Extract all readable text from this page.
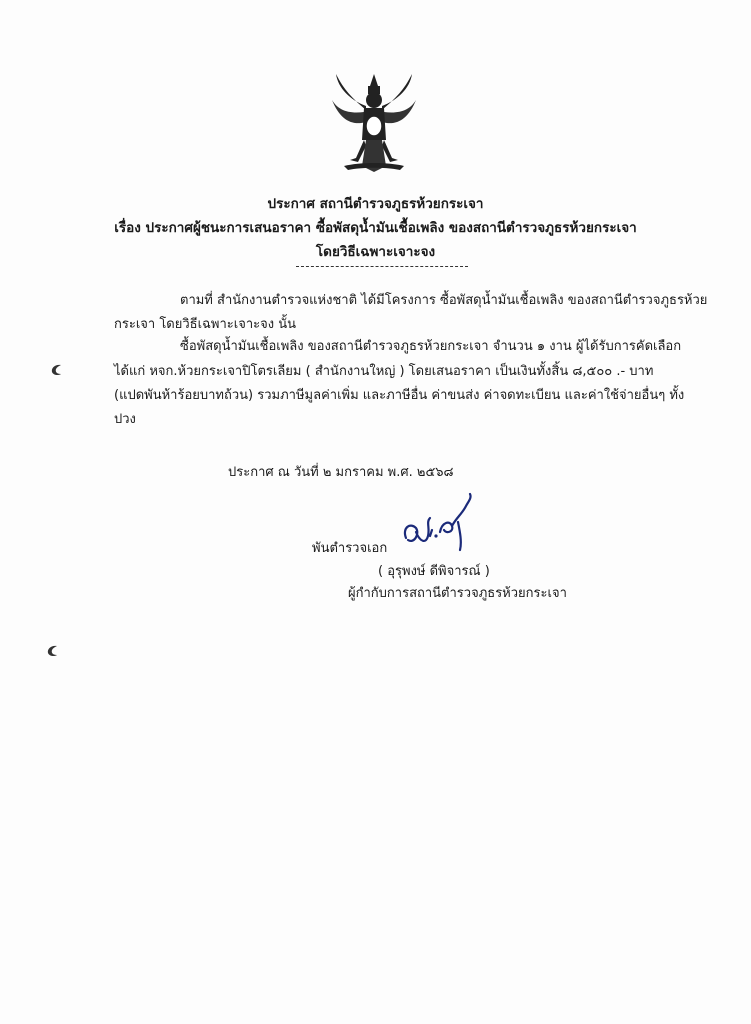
ประกาศ สถานีตำรวจภูธรห้วยกระเจา
เรื่อง ประกาศผู้ชนะการเสนอราคา ซื้อพัสดุน้ำมันเชื้อเพลิง ของสถานีตำรวจภูธรห้วยกระเจา
โดยวิธีเฉพาะเจาะจง
ตามที่ สำนักงานตำรวจแห่งชาติ ได้มีโครงการ ซื้อพัสดุน้ำมันเชื้อเพลิง ของสถานีตำรวจภูธรห้วย
กระเจา โดยวิธีเฉพาะเจาะจง นั้น
ซื้อพัสดุน้ำมันเชื้อเพลิง ของสถานีตำรวจภูธรห้วยกระเจา จำนวน ๑ งาน ผู้ได้รับการคัดเลือก
ได้แก่ หจก.ห้วยกระเจาปิโตรเลียม ( สำนักงานใหญ่ ) โดยเสนอราคา เป็นเงินทั้งสิ้น ๘,๕๐๐ .- บาท
(แปดพันห้าร้อยบาทถ้วน) รวมภาษีมูลค่าเพิ่ม และภาษีอื่น ค่าขนส่ง ค่าจดทะเบียน และค่าใช้จ่ายอื่นๆ ทั้ง
ปวง
ประกาศ ณ วันที่ ๒ มกราคม พ.ศ. ๒๕๖๘
พันตำรวจเอก
( อุรุพงษ์ ดีพิจารณ์ )
ผู้กำกับการสถานีตำรวจภูธรห้วยกระเจา
